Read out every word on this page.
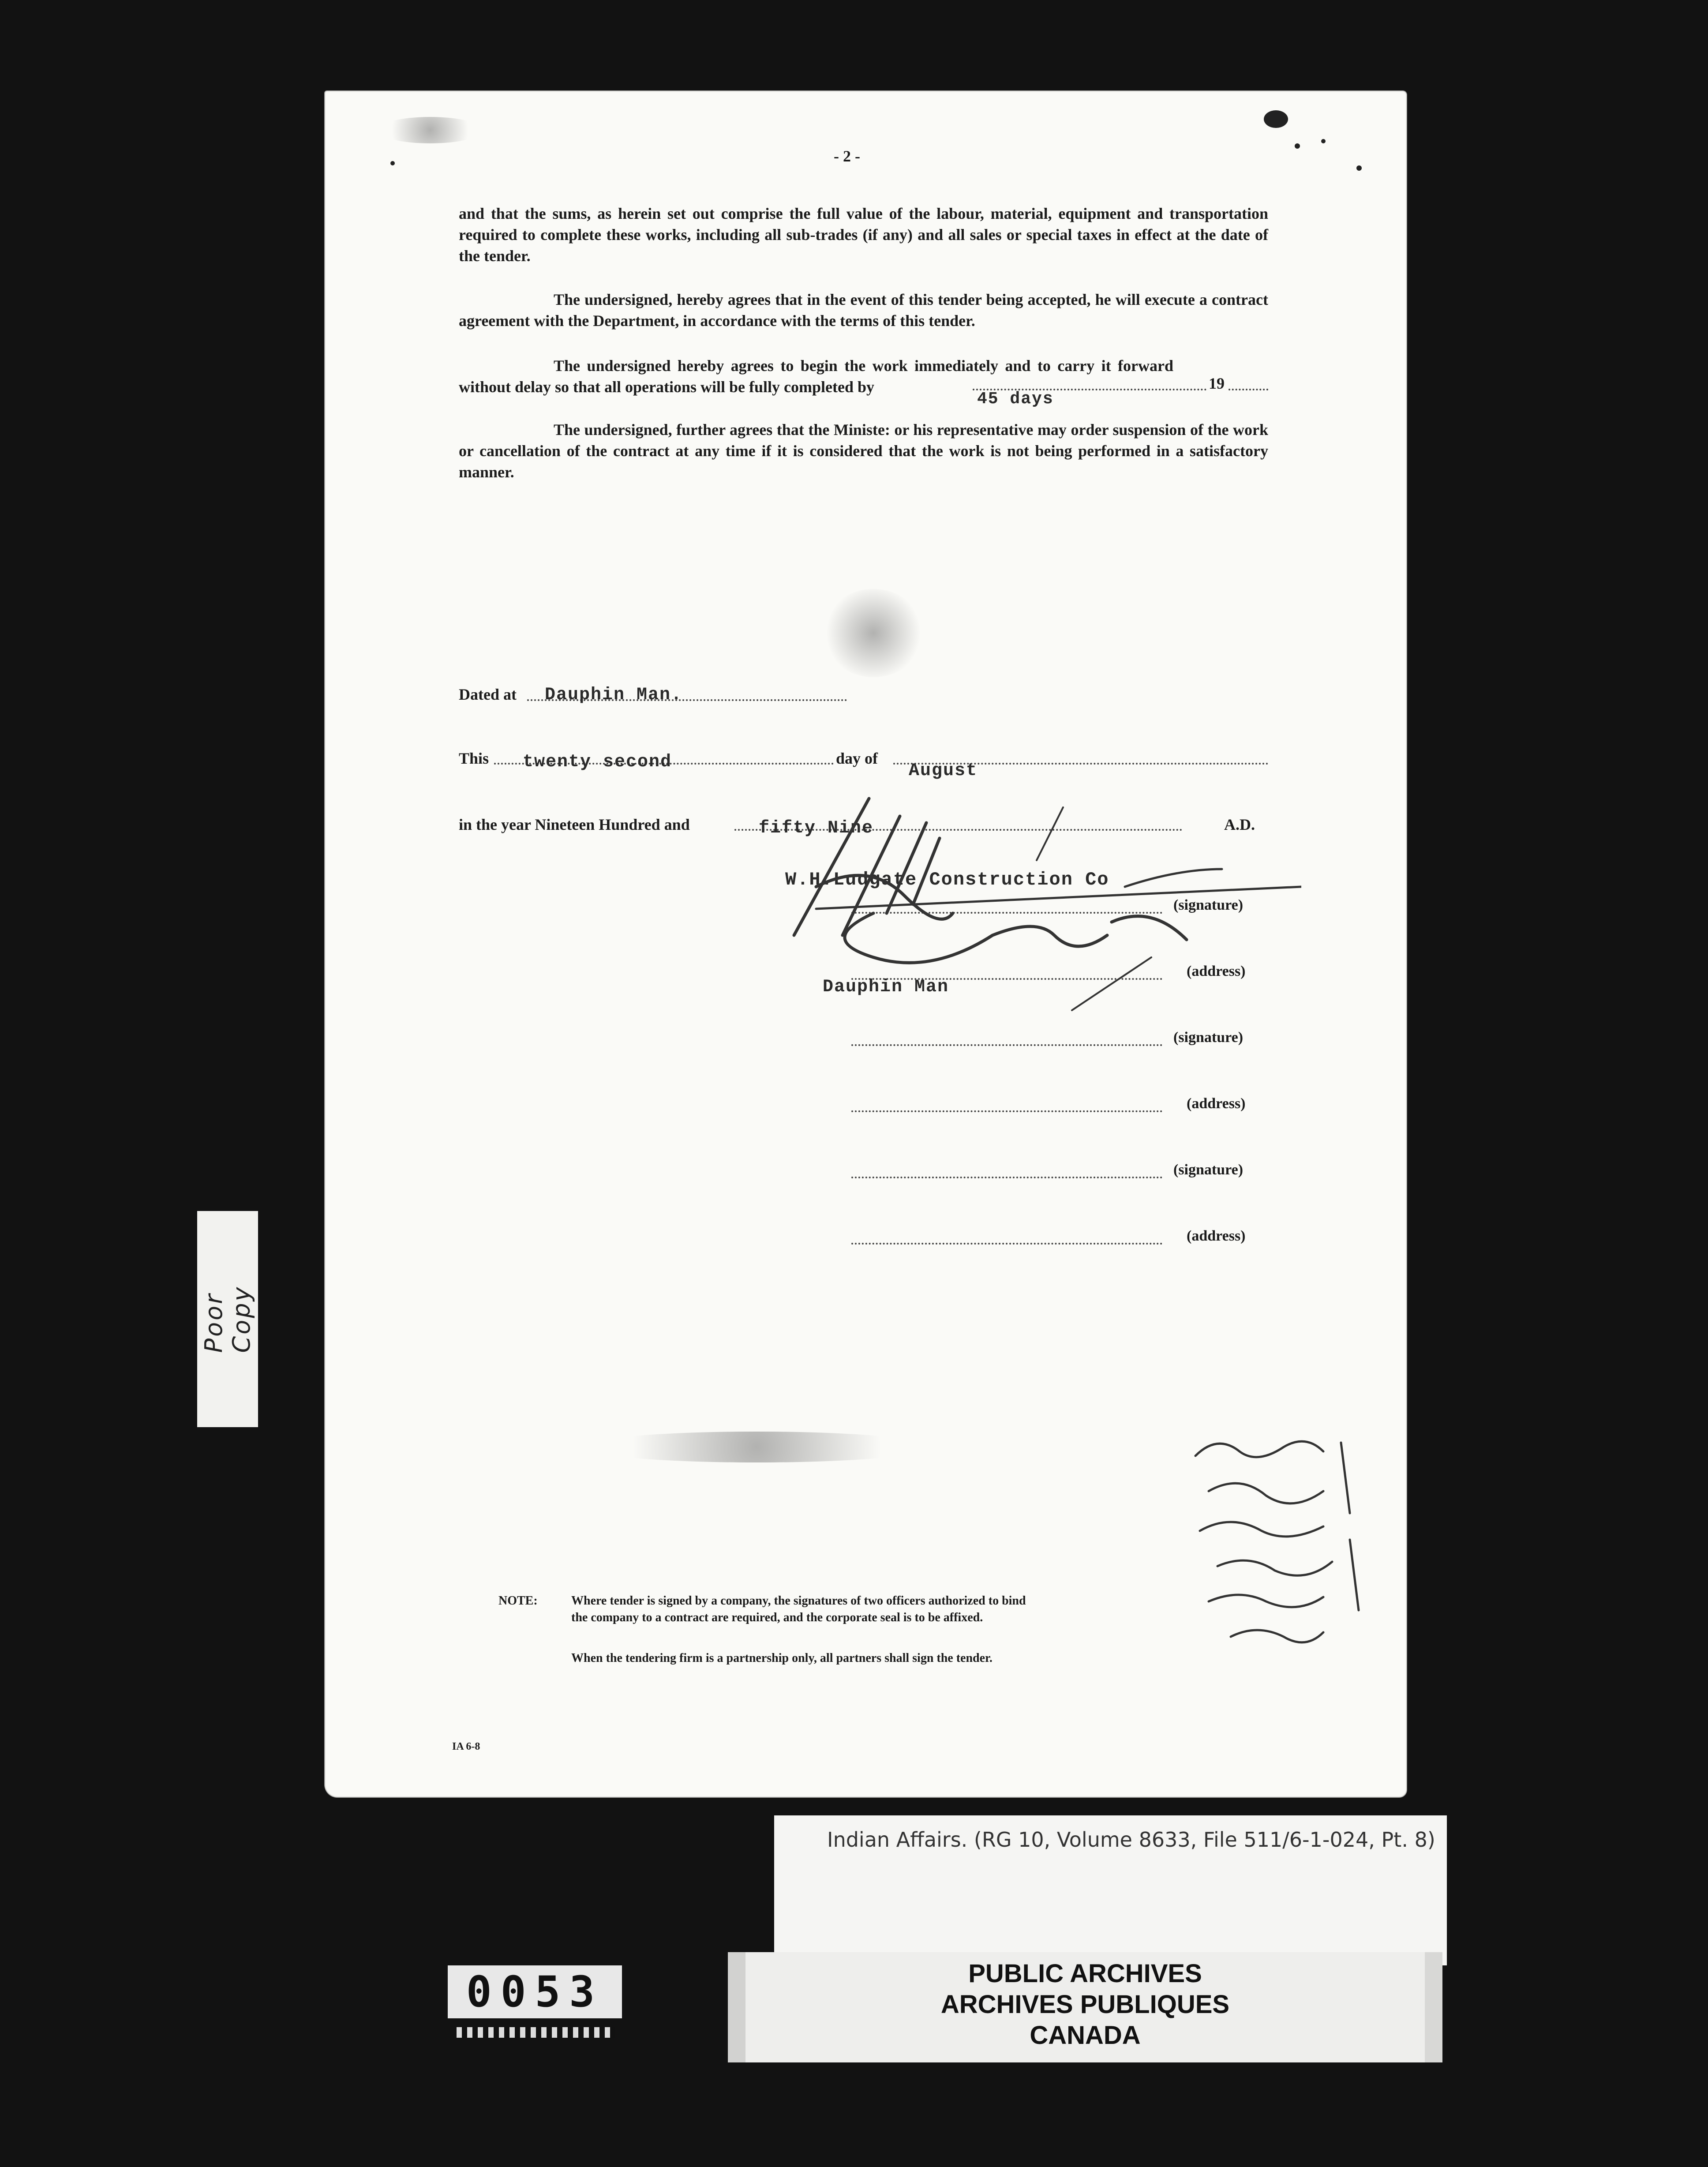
- 2 -
and that the sums, as herein set out comprise the full value of the labour, material, equipment and transportation required to complete these works, including all sub-trades (if any) and all sales or special taxes in effect at the date of the tender.
The undersigned, hereby agrees that in the event of this tender being accepted, he will execute a contract agreement with the Department, in accordance with the terms of this tender.
The undersigned hereby agrees to begin the work immediately and to carry it forward without delay so that all operations will be fully completed by	19
45 days
The undersigned, further agrees that the Ministe: or his representative may order suspension of the work or cancellation of the contract at any time if it is considered that the work is not being performed in a satisfactory manner.
Dated at Dauphin Man.
This twenty second	day of
August
in the year Nineteen Hundred and	fifty Nine	A.D.
W.H.Ludgate Construction Co
(signature)
(address)
Dauphin Man
(signature)
(address)
(signature)
(address)
NOTE:	Where tender is signed by a company, the signatures of two officers authorized to bind
the company to a contract are required, and the corporate seal is to be affixed.
When the tendering firm is a partnership only, all partners shall sign the tender.
IA 6-8
Poor Copy
Indian Affairs. (RG 10, Volume 8633, File 511/6-1-024, Pt. 8)
0053	PUBLIC ARCHIVES
ARCHIVES PUBLIQUES
CANADA
